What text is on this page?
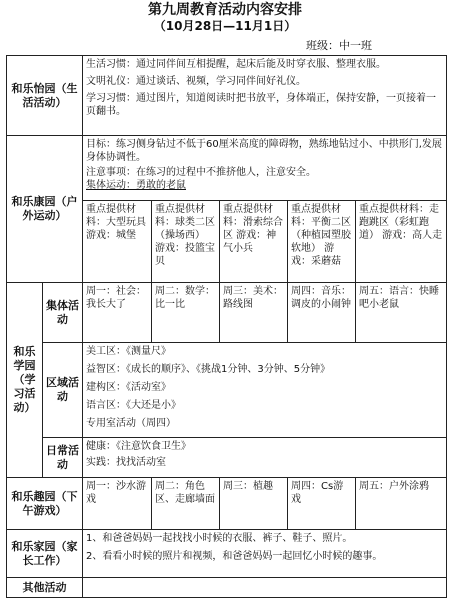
第九周教育活动内容安排
（10月28日—11月1日）
班级：中一班
和乐怡园（生活活动）		生活习惯：通过同伴间互相提醒，起床后能及时穿衣服、整理衣服。
文明礼仪：通过谈话、视频，学习同伴间好礼仪。
学习习惯：通过图片，知道阅读时把书放平，身体端正，保持安静，一页接着一页翻书。				

和乐康园（户外运动）		目标：练习侧身钻过不低于60厘米高度的障碍物，熟练地钻过小、中拱形门,发展身体协调性。
注意事项：在练习的过程中不推挤他人，注意安全。
集体运动：勇敢的老鼠				

		重点提供材料：大型玩具 游戏：城堡	重点提供材料：球类二区（操场西） 游戏：投篮宝贝	重点提供材料：滑索综合区 游戏：神气小兵	重点提供材料：平衡二区（种植园塑胶软地） 游戏：采蘑菇	重点提供材料：走跑跳区（彩虹跑道） 游戏：高人走
和乐学园（学习活动）	集体活动	周一：社会：我长大了	周二：数学：比一比	周三：美术：路线图	周四：音乐：调皮的小闹钟	周五：语言：快睡吧小老鼠
	区域活动	美工区：《测量尺》
益智区：《成长的顺序》、《挑战1分钟、3分钟、5分钟》
建构区：《活动室》
语言区：《大还是小》
专用室活动（周四）				

	日常活动	健康：《注意饮食卫生》
实践：找找活动室				

和乐趣园（下午游戏）		周一：沙水游戏	周二：角色区、走廊墙面	周三：植趣	周四：Cs游戏	周五：户外涂鸦
和乐家园（家长工作）		1、和爸爸妈妈一起找找小时候的衣服、裤子、鞋子、照片。
2、看看小时候的照片和视频，和爸爸妈妈一起回忆小时候的趣事。				

其他活动						
